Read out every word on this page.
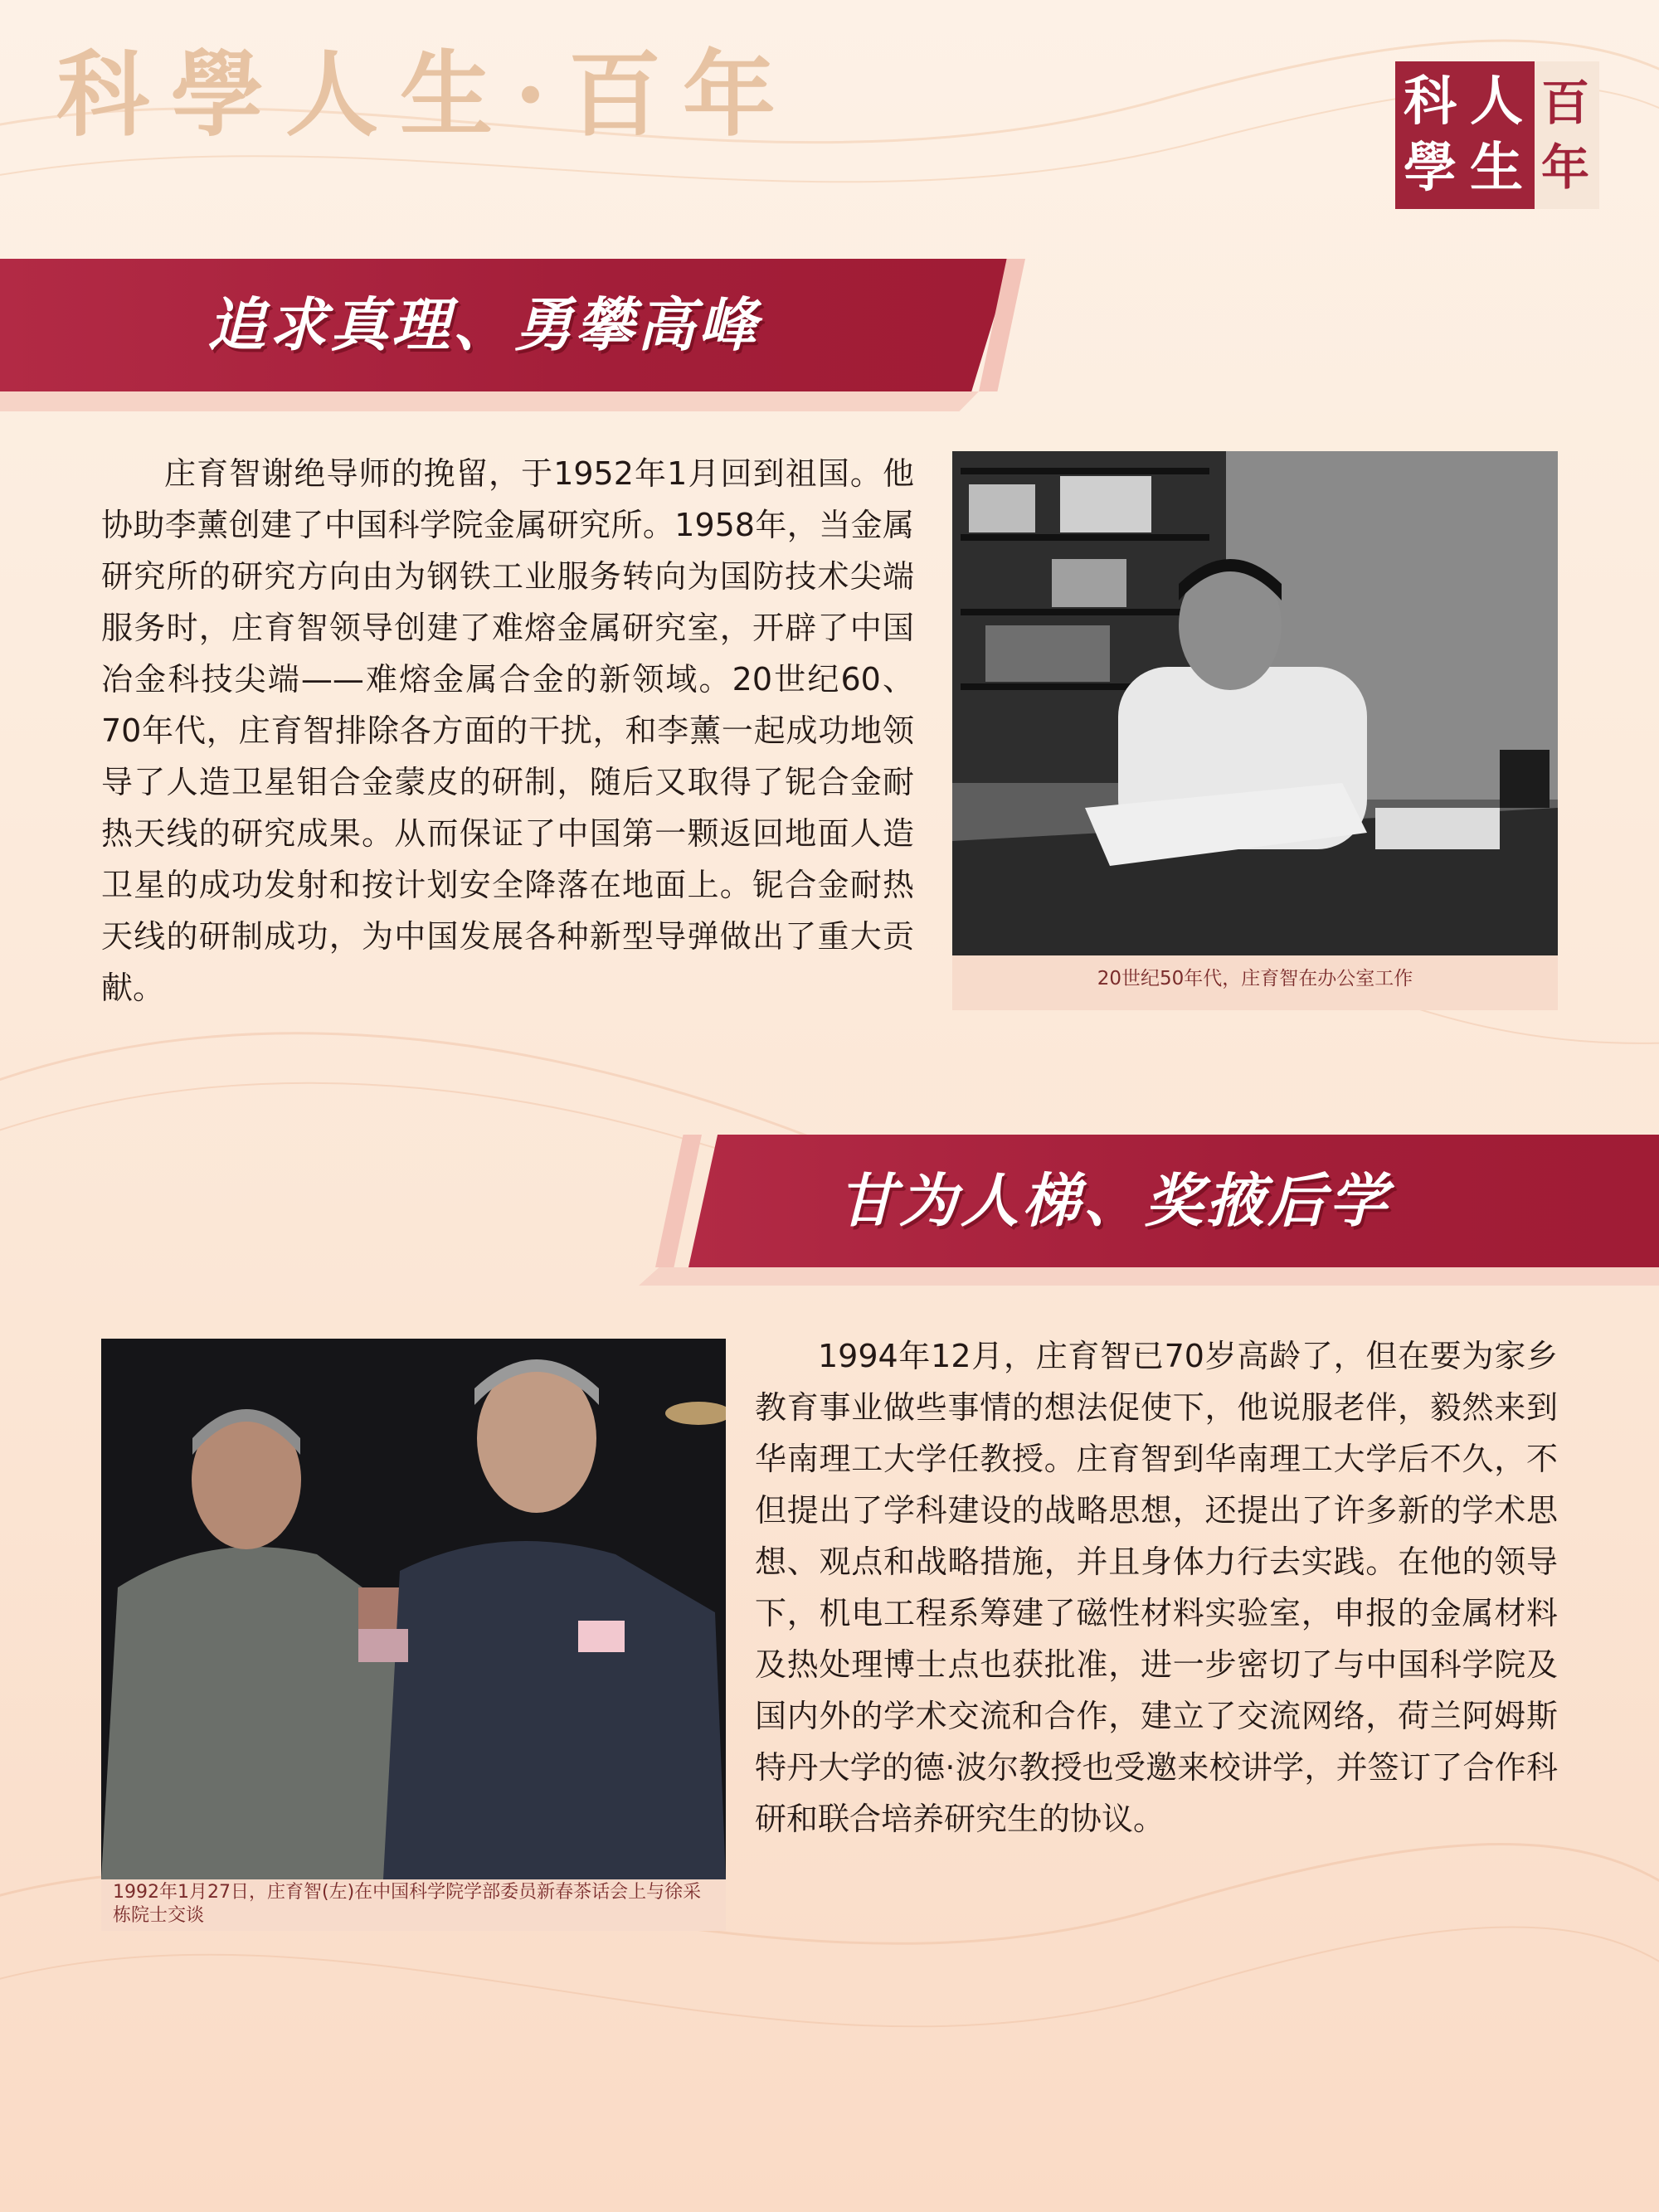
科學人生·百年	科 人
學 生
百
年
追求真理、勇攀高峰

庄育智谢绝导师的挽留，于1952年1月回到祖国。他协助李薰创建了中国科学院金属研究所。1958年，当金属研究所的研究方向由为钢铁工业服务转向为国防技术尖端服务时，庄育智领导创建了难熔金属研究室，开辟了中国冶金科技尖端——难熔金属合金的新领域。20世纪60、70年代，庄育智排除各方面的干扰，和李薰一起成功地领导了人造卫星钼合金蒙皮的研制，随后又取得了铌合金耐热天线的研究成果。从而保证了中国第一颗返回地面人造卫星的成功发射和按计划安全降落在地面上。铌合金耐热天线的研制成功，为中国发展各种新型导弹做出了重大贡献。	20世纪50年代，庄育智在办公室工作
甘为人梯、奖掖后学
1992年1月27日，庄育智(左)在中国科学院学部委员新春茶话会上与徐采栋院士交谈

1994年12月，庄育智已70岁高龄了，但在要为家乡教育事业做些事情的想法促使下，他说服老伴，毅然来到华南理工大学任教授。庄育智到华南理工大学后不久，不但提出了学科建设的战略思想，还提出了许多新的学术思想、观点和战略措施，并且身体力行去实践。在他的领导下，机电工程系筹建了磁性材料实验室，申报的金属材料及热处理博士点也获批准，进一步密切了与中国科学院及国内外的学术交流和合作，建立了交流网络，荷兰阿姆斯特丹大学的德·波尔教授也受邀来校讲学，并签订了合作科研和联合培养研究生的协议。
